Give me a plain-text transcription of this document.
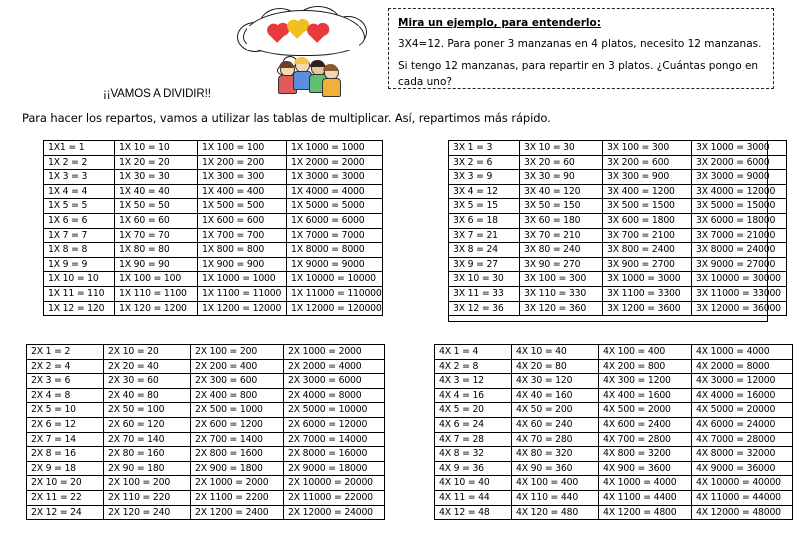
¡¡VAMOS A DIVIDIR!!
Mira un ejemplo, para entenderlo:

3X4=12. Para poner 3 manzanas en 4 platos, necesito 12 manzanas.

Si tengo 12 manzanas, para repartir en 3 platos. ¿Cuántas pongo en cada uno?

Para hacer los repartos, vamos a utilizar las tablas de multiplicar. Así, repartimos más rápido.
1X1 = 1	1X 10 = 10	1X 100 = 100	1X 1000 = 1000
1X 2 = 2	1X 20 = 20	1X 200 = 200	1X 2000 = 2000
1X 3 = 3	1X 30 = 30	1X 300 = 300	1X 3000 = 3000
1X 4 = 4	1X 40 = 40	1X 400 = 400	1X 4000 = 4000
1X 5 = 5	1X 50 = 50	1X 500 = 500	1X 5000 = 5000
1X 6 = 6	1X 60 = 60	1X 600 = 600	1X 6000 = 6000
1X 7 = 7	1X 70 = 70	1X 700 = 700	1X 7000 = 7000
1X 8 = 8	1X 80 = 80	1X 800 = 800	1X 8000 = 8000
1X 9 = 9	1X 90 = 90	1X 900 = 900	1X 9000 = 9000
1X 10 = 10	1X 100 = 100	1X 1000 = 1000	1X 10000 = 10000
1X 11 = 110	1X 110 = 1100	1X 1100 = 11000	1X 11000 = 110000
1X 12 = 120	1X 120 = 1200	1X 1200 = 12000	1X 12000 = 120000
2X 1 = 2	2X 10 = 20	2X 100 = 200	2X 1000 = 2000
2X 2 = 4	2X 20 = 40	2X 200 = 400	2X 2000 = 4000
2X 3 = 6	2X 30 = 60	2X 300 = 600	2X 3000 = 6000
2X 4 = 8	2X 40 = 80	2X 400 = 800	2X 4000 = 8000
2X 5 = 10	2X 50 = 100	2X 500 = 1000	2X 5000 = 10000
2X 6 = 12	2X 60 = 120	2X 600 = 1200	2X 6000 = 12000
2X 7 = 14	2X 70 = 140	2X 700 = 1400	2X 7000 = 14000
2X 8 = 16	2X 80 = 160	2X 800 = 1600	2X 8000 = 16000
2X 9 = 18	2X 90 = 180	2X 900 = 1800	2X 9000 = 18000
2X 10 = 20	2X 100 = 200	2X 1000 = 2000	2X 10000 = 20000
2X 11 = 22	2X 110 = 220	2X 1100 = 2200	2X 11000 = 22000
2X 12 = 24	2X 120 = 240	2X 1200 = 2400	2X 12000 = 24000
3X 1 = 3	3X 10 = 30	3X 100 = 300	3X 1000 = 3000
3X 2 = 6	3X 20 = 60	3X 200 = 600	3X 2000 = 6000
3X 3 = 9	3X 30 = 90	3X 300 = 900	3X 3000 = 9000
3X 4 = 12	3X 40 = 120	3X 400 = 1200	3X 4000 = 12000
3X 5 = 15	3X 50 = 150	3X 500 = 1500	3X 5000 = 15000
3X 6 = 18	3X 60 = 180	3X 600 = 1800	3X 6000 = 18000
3X 7 = 21	3X 70 = 210	3X 700 = 2100	3X 7000 = 21000
3X 8 = 24	3X 80 = 240	3X 800 = 2400	3X 8000 = 24000
3X 9 = 27	3X 90 = 270	3X 900 = 2700	3X 9000 = 27000
3X 10 = 30	3X 100 = 300	3X 1000 = 3000	3X 10000 = 30000
3X 11 = 33	3X 110 = 330	3X 1100 = 3300	3X 11000 = 33000
3X 12 = 36	3X 120 = 360	3X 1200 = 3600	3X 12000 = 36000
4X 1 = 4	4X 10 = 40	4X 100 = 400	4X 1000 = 4000
4X 2 = 8	4X 20 = 80	4X 200 = 800	4X 2000 = 8000
4X 3 = 12	4X 30 = 120	4X 300 = 1200	4X 3000 = 12000
4X 4 = 16	4X 40 = 160	4X 400 = 1600	4X 4000 = 16000
4X 5 = 20	4X 50 = 200	4X 500 = 2000	4X 5000 = 20000
4X 6 = 24	4X 60 = 240	4X 600 = 2400	4X 6000 = 24000
4X 7 = 28	4X 70 = 280	4X 700 = 2800	4X 7000 = 28000
4X 8 = 32	4X 80 = 320	4X 800 = 3200	4X 8000 = 32000
4X 9 = 36	4X 90 = 360	4X 900 = 3600	4X 9000 = 36000
4X 10 = 40	4X 100 = 400	4X 1000 = 4000	4X 10000 = 40000
4X 11 = 44	4X 110 = 440	4X 1100 = 4400	4X 11000 = 44000
4X 12 = 48	4X 120 = 480	4X 1200 = 4800	4X 12000 = 48000
